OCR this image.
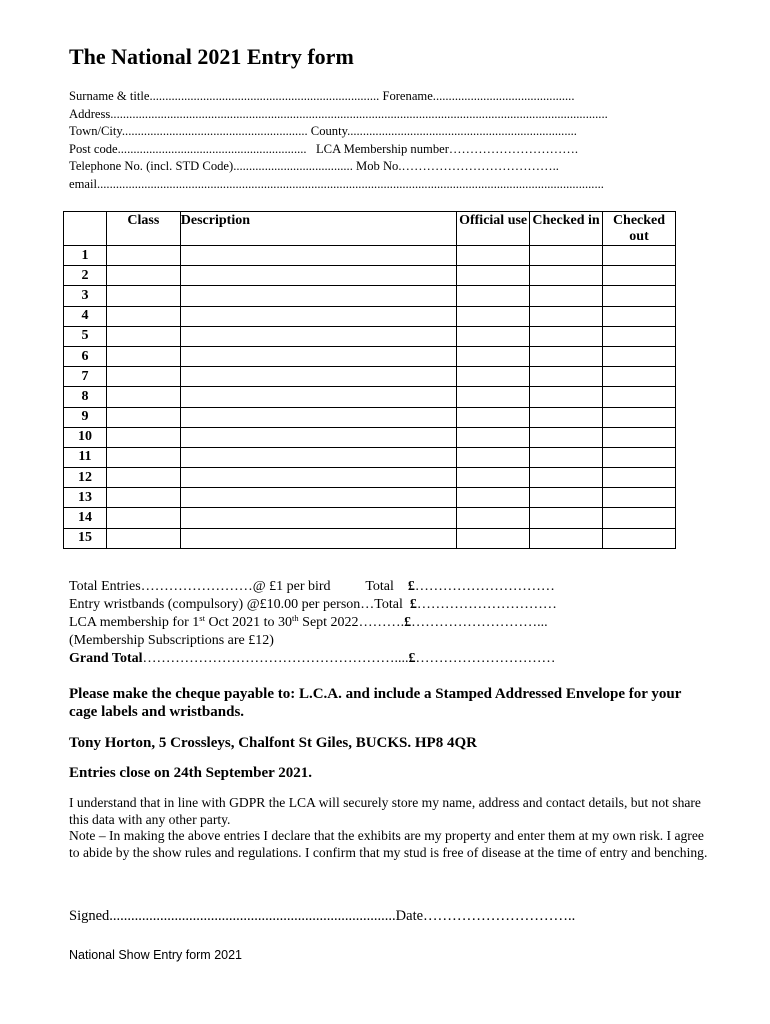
The National 2021 Entry form
Surname & title......................................................................... Forename.............................................
Address..............................................................................................................................................................
Town/City........................................................... County.........................................................................
Post code............................................................   LCA Membership number………………………….
Telephone No. (incl. STD Code)...................................... Mob No.………………………………..
email.................................................................................................................................................................
	Class	Description	Official use	Checked in	Checked out
1					
2					
3					
4					
5					
6					
7					
8					
9					
10					
11					
12					
13					
14					
15					
Total Entries……………………@ £1 per bird Total £…………………………
Entry wristbands (compulsory) @£10.00 per person…Total £…………………………
LCA membership for 1st Oct 2021 to 30th Sept 2022……….£………………………...
(Membership Subscriptions are £12)
Grand Total………………………………………………....£…………………………
Please make the cheque payable to: L.C.A. and include a Stamped Addressed Envelope for your cage labels and wristbands.
Tony Horton, 5 Crossleys, Chalfont St Giles, BUCKS. HP8 4QR
Entries close on 24th September 2021.
I understand that in line with GDPR the LCA will securely store my name, address and contact details, but not share this data with any other party.
Note – In making the above entries I declare that the exhibits are my property and enter them at my own risk. I agree to abide by the show rules and regulations. I confirm that my stud is free of disease at the time of entry and benching.
Signed...............................................................................Date…………………………..
National Show Entry form 2021
